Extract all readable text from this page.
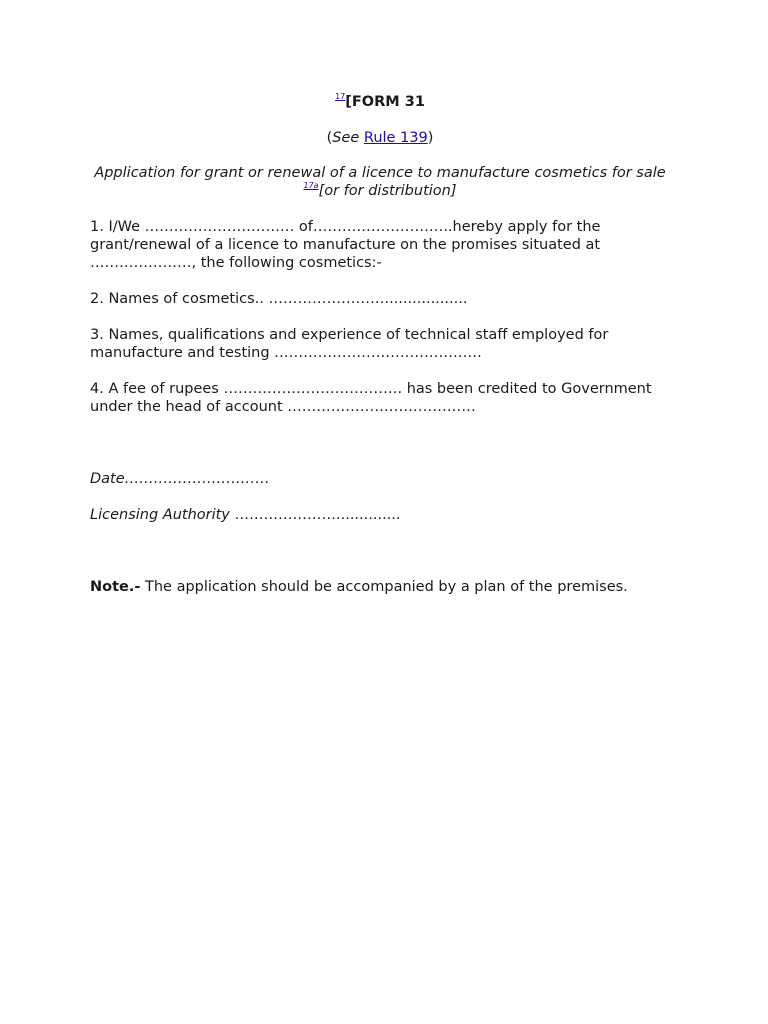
$^{17}$[FORM 31

(See Rule 139)

Application for grant or renewal of a licence to manufacture cosmetics for sale $^{17a}$[or for distribution]

1. I/We …………………………. of………………………..hereby apply for the grant/renewal of a licence to manufacture on the promises situated at …………………, the following cosmetics:-

2. Names of cosmetics.. ……………………..................

3. Names, qualifications and experience of technical staff employed for manufacture and testing …………………………………….

4. A fee of rupees ………………………………. has been credited to Government under the head of account …………………………………

Date…………………………

Licensing Authority …………………..............

Note.- The application should be accompanied by a plan of the premises.
